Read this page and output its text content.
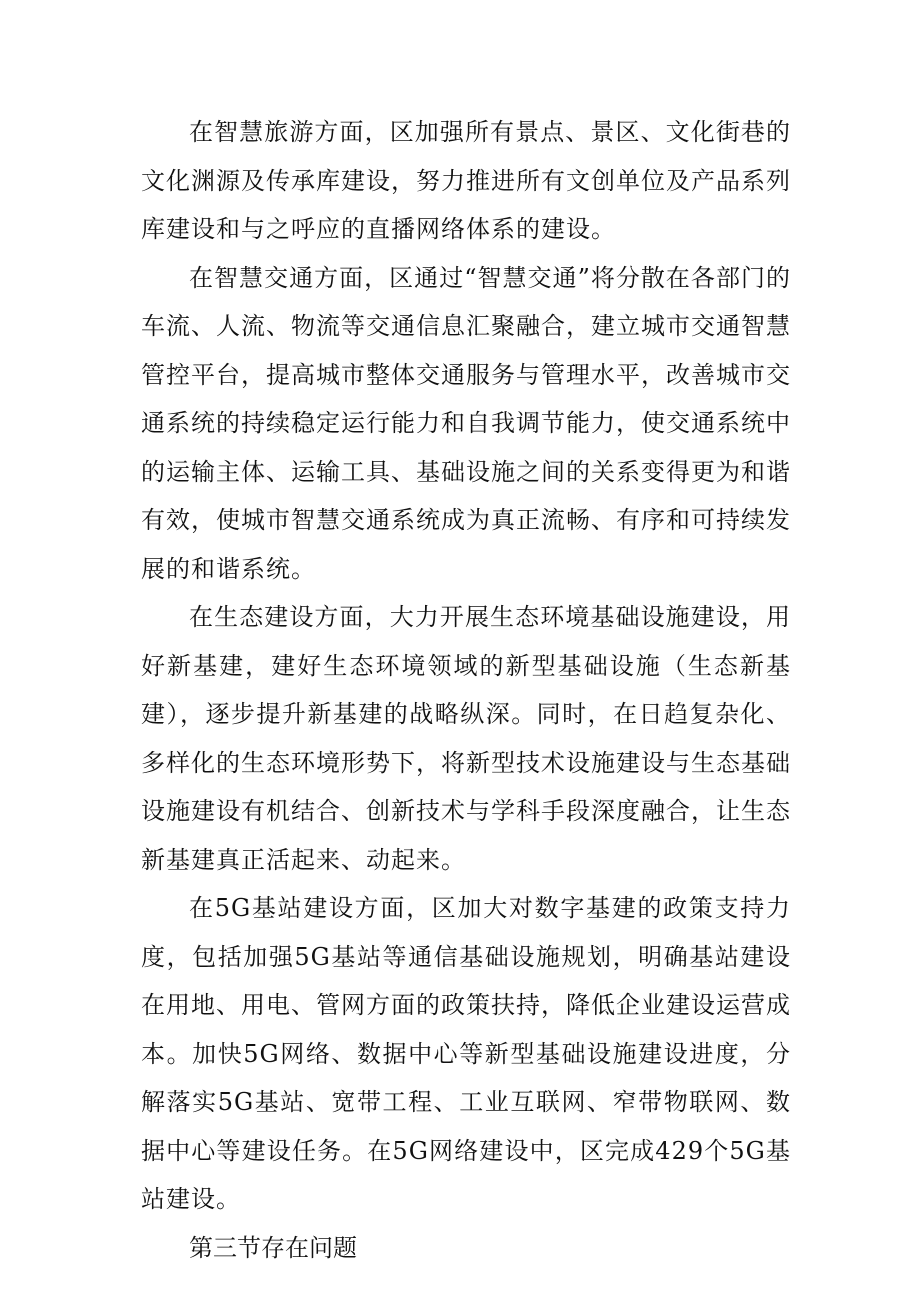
在智慧旅游方面，区加强所有景点、景区、文化街巷的文化渊源及传承库建设，努力推进所有文创单位及产品系列库建设和与之呼应的直播网络体系的建设。

在智慧交通方面，区通过“智慧交通”将分散在各部门的车流、人流、物流等交通信息汇聚融合，建立城市交通智慧管控平台，提高城市整体交通服务与管理水平，改善城市交通系统的持续稳定运行能力和自我调节能力，使交通系统中的运输主体、运输工具、基础设施之间的关系变得更为和谐有效，使城市智慧交通系统成为真正流畅、有序和可持续发展的和谐系统。

在生态建设方面，大力开展生态环境基础设施建设，用好新基建，建好生态环境领域的新型基础设施（生态新基建），逐步提升新基建的战略纵深。同时，在日趋复杂化、多样化的生态环境形势下，将新型技术设施建设与生态基础设施建设有机结合、创新技术与学科手段深度融合，让生态新基建真正活起来、动起来。

在5G基站建设方面，区加大对数字基建的政策支持力度，包括加强5G基站等通信基础设施规划，明确基站建设在用地、用电、管网方面的政策扶持，降低企业建设运营成本。加快5G网络、数据中心等新型基础设施建设进度，分解落实5G基站、宽带工程、工业互联网、窄带物联网、数据中心等建设任务。在5G网络建设中，区完成429个5G基站建设。

第三节存在问题
